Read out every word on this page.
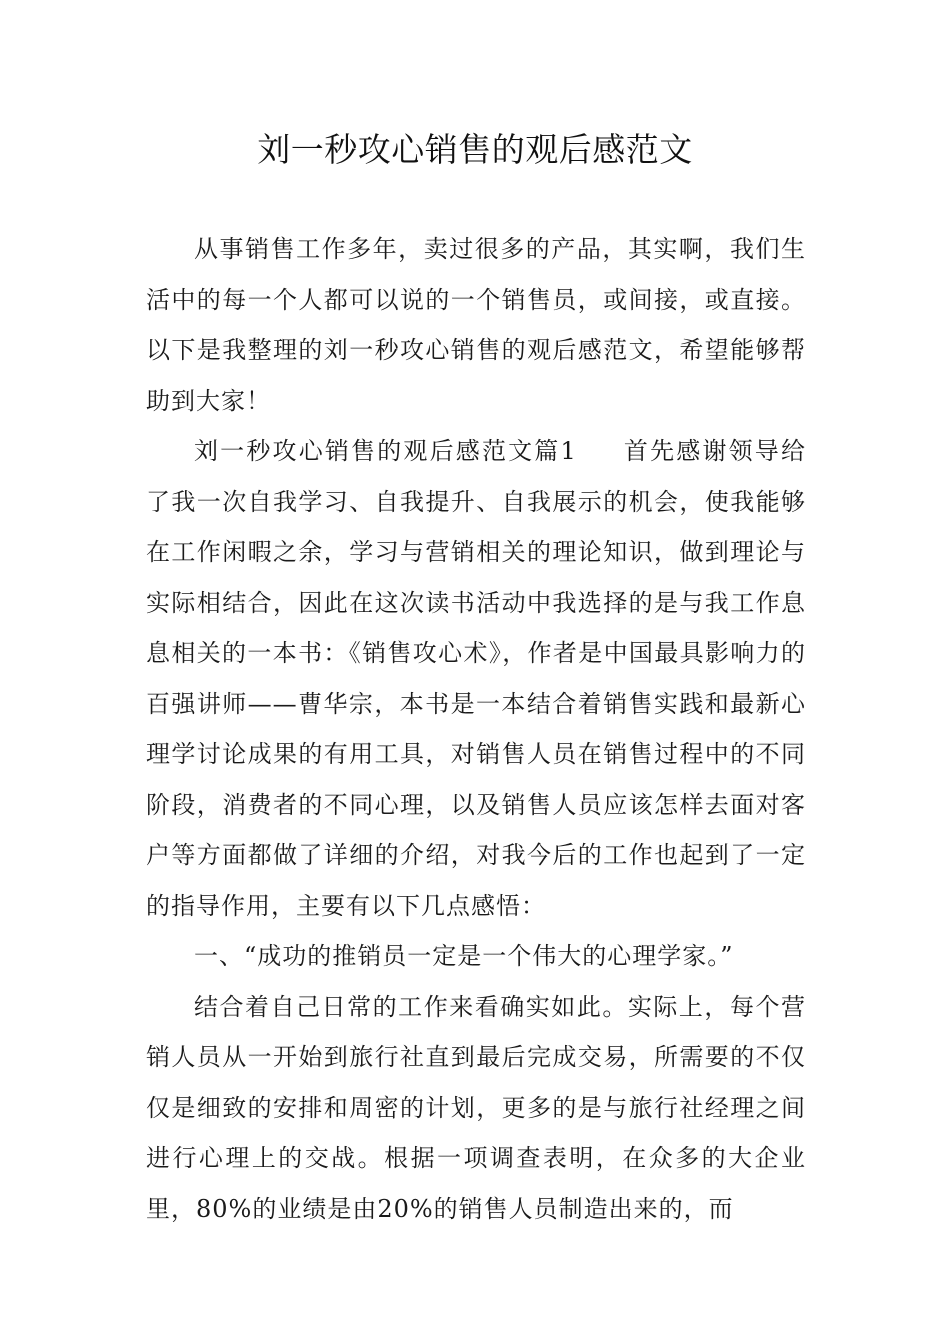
刘一秒攻心销售的观后感范文

从事销售工作多年，卖过很多的产品，其实啊，我们生活中的每一个人都可以说的一个销售员，或间接，或直接。以下是我整理的刘一秒攻心销售的观后感范文，希望能够帮助到大家！

刘一秒攻心销售的观后感范文篇1 首先感谢领导给了我一次自我学习、自我提升、自我展示的机会，使我能够在工作闲暇之余，学习与营销相关的理论知识，做到理论与实际相结合，因此在这次读书活动中我选择的是与我工作息息相关的一本书：《销售攻心术》，作者是中国最具影响力的百强讲师——曹华宗，本书是一本结合着销售实践和最新心理学讨论成果的有用工具，对销售人员在销售过程中的不同阶段，消费者的不同心理，以及销售人员应该怎样去面对客户等方面都做了详细的介绍，对我今后的工作也起到了一定的指导作用，主要有以下几点感悟：

一、“成功的推销员一定是一个伟大的心理学家。”

结合着自己日常的工作来看确实如此。实际上，每个营销人员从一开始到旅行社直到最后完成交易，所需要的不仅仅是细致的安排和周密的计划，更多的是与旅行社经理之间进行心理上的交战。根据一项调查表明，在众多的大企业里，80%的业绩是由20%的销售人员制造出来的，而
